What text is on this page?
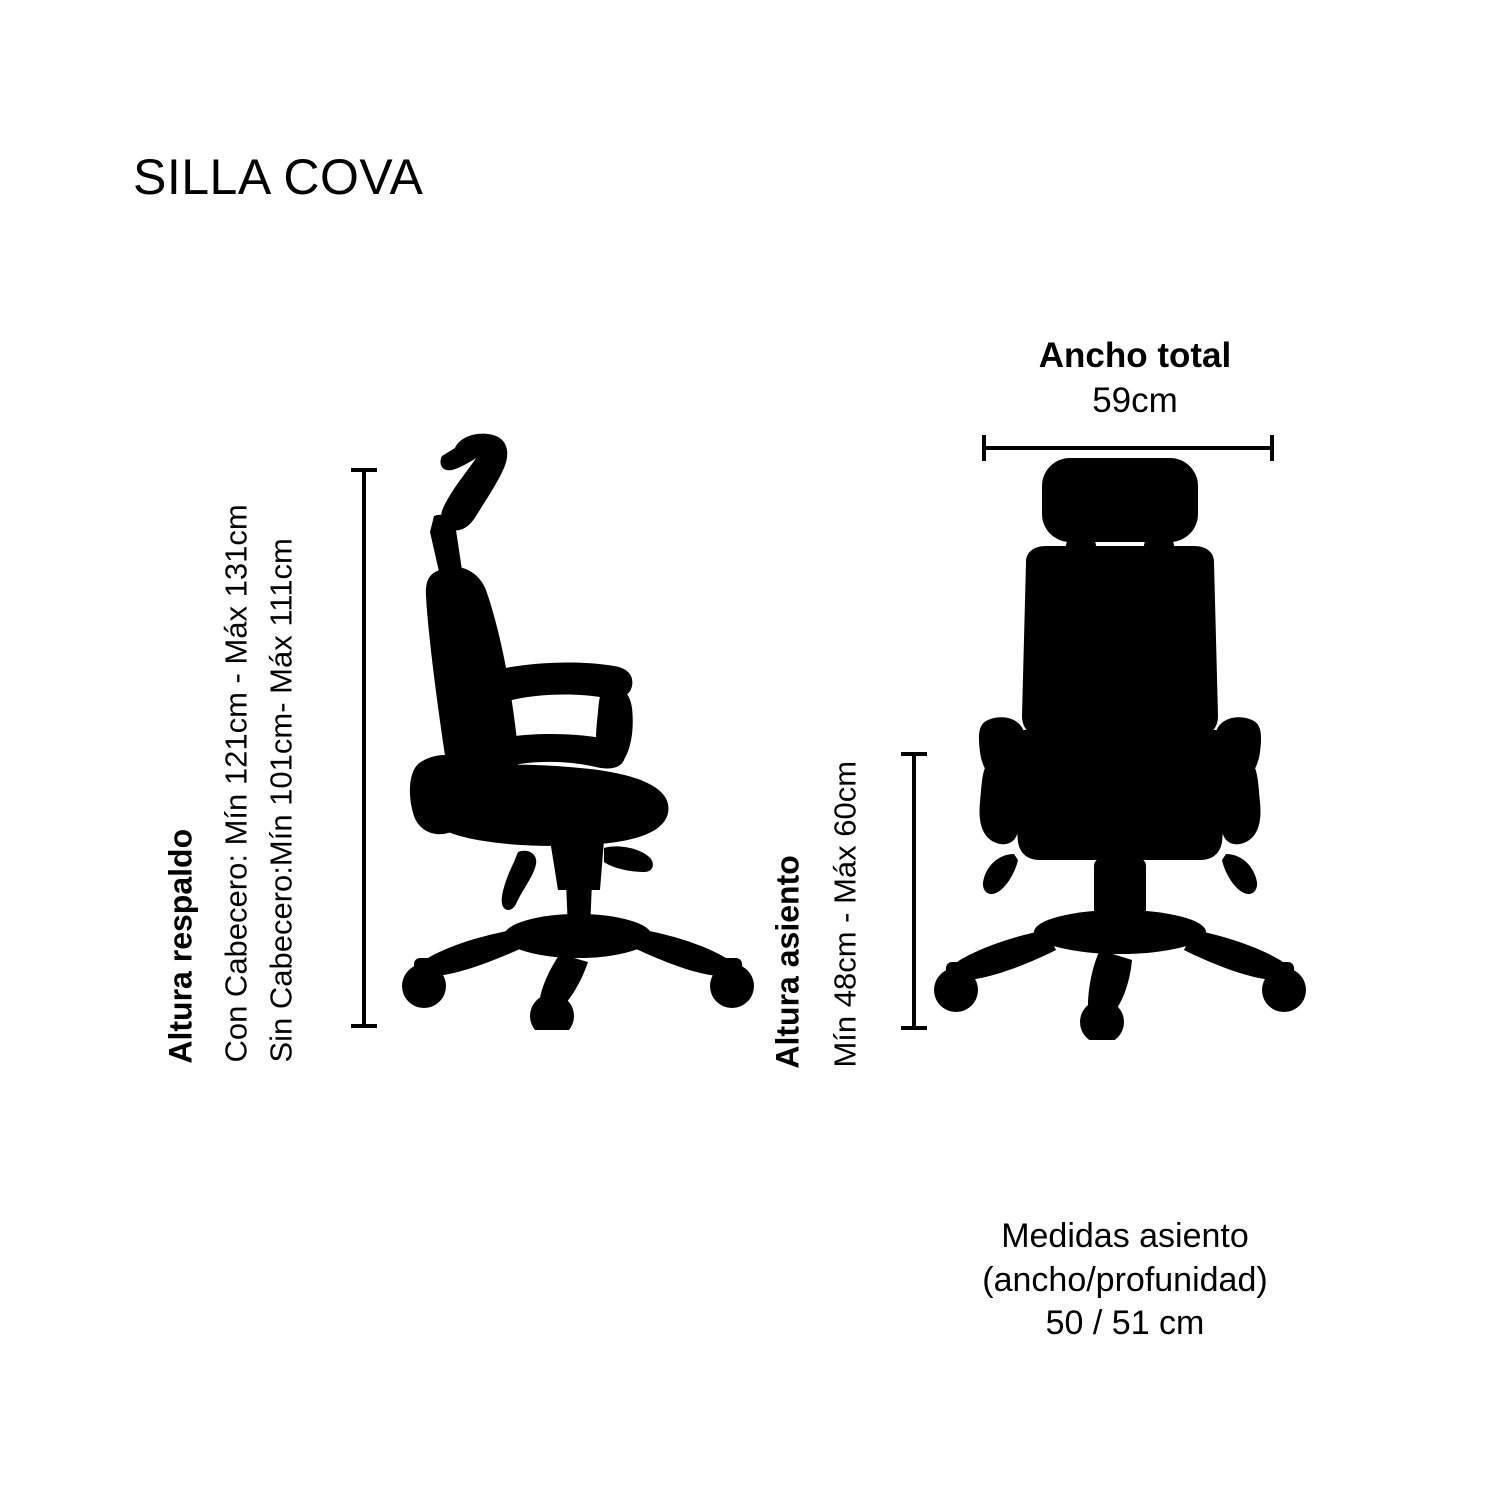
SILLA COVA
Altura respaldo Con Cabecero: Mín 121cm - Máx 131cm Sin Cabecero:Mín 101cm- Máx 111cm	Altura asiento Mín 48cm - Máx 60cm
Ancho total
59cm
Medidas asiento
(ancho/profunidad)
50 / 51 cm
